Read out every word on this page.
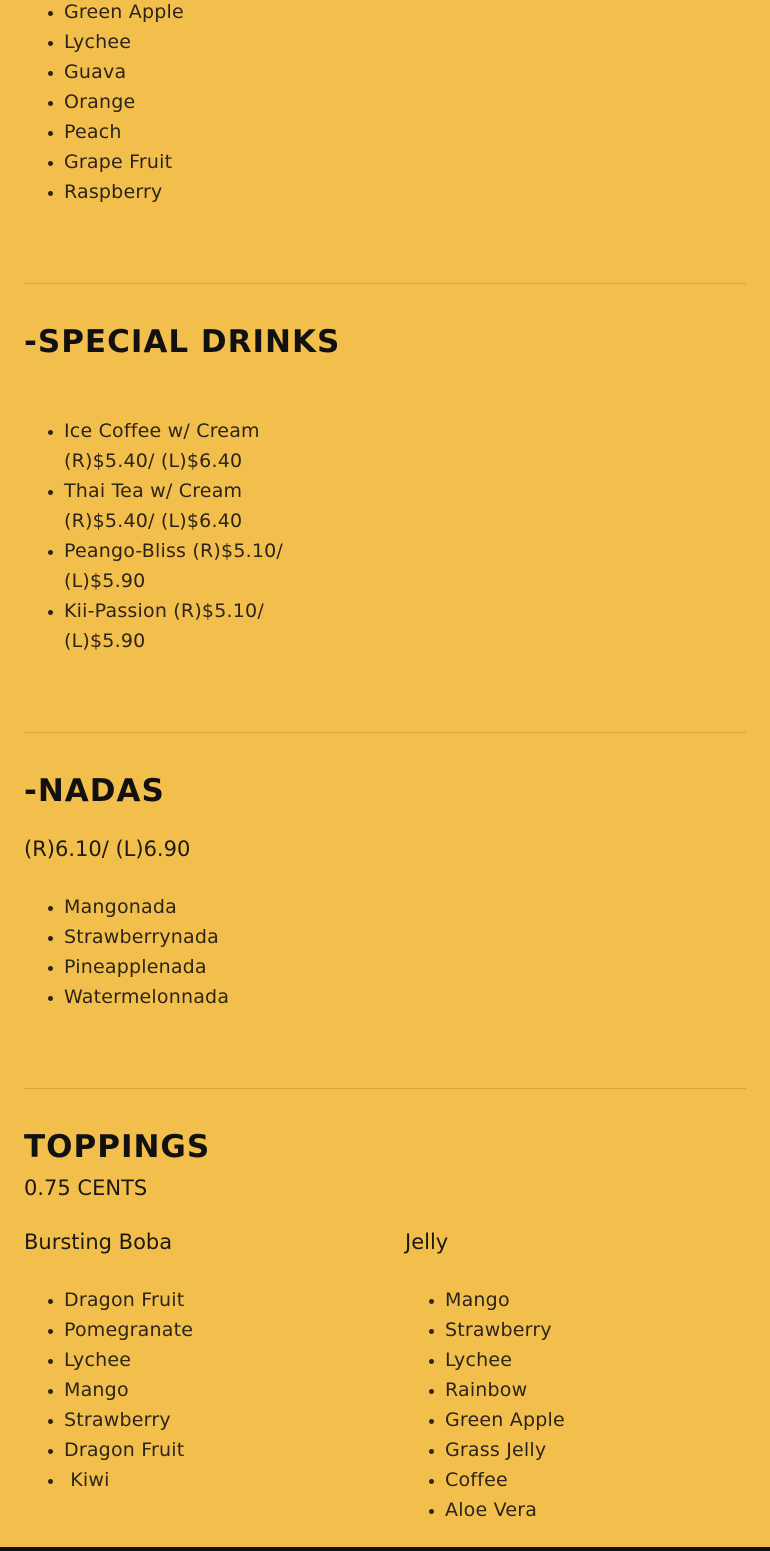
• Green Apple
• Lychee
• Guava
• Orange
• Peach
• Grape Fruit
• Raspberry
-SPECIAL DRINKS
• Ice Coffee w/ Cream (R)$5.40/ (L)$6.40
• Thai Tea w/ Cream (R)$5.40/ (L)$6.40
• Peango-Bliss (R)$5.10/ (L)$5.90
• Kii-Passion (R)$5.10/ (L)$5.90
-NADAS

(R)6.10/ (L)6.90

• Mangonada
• Strawberrynada
• Pineapplenada
• Watermelonnada
TOPPINGS

0.75 CENTS

Bursting Boba

• Dragon Fruit
• Pomegranate
• Lychee
• Mango
• Strawberry
• Dragon Fruit
•  Kiwi

Jelly

• Mango
• Strawberry
• Lychee
• Rainbow
• Green Apple
• Grass Jelly
• Coffee
• Aloe Vera
